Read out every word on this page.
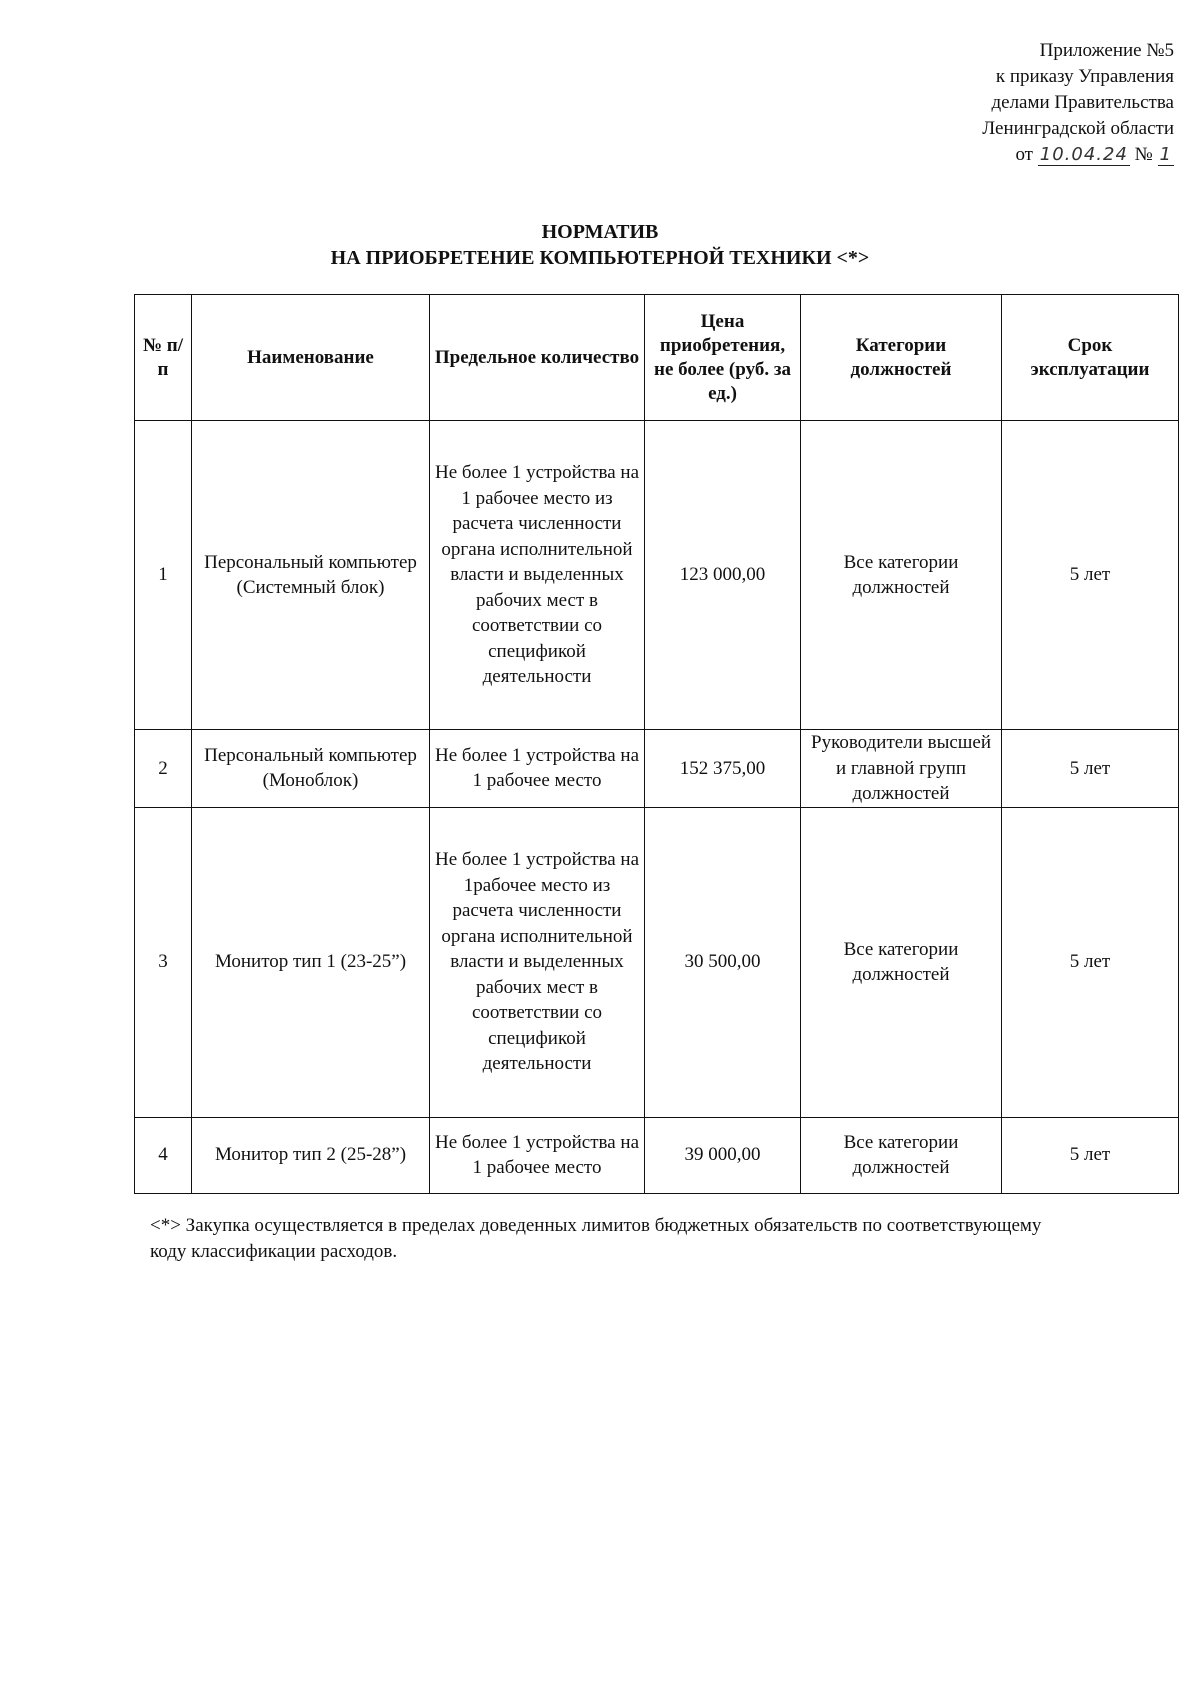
Приложение №5
к приказу Управления
делами Правительства
Ленинградской области
от 10.04.24 № 1
НОРМАТИВ
НА ПРИОБРЕТЕНИЕ КОМПЬЮТЕРНОЙ ТЕХНИКИ <*>
№ п/п	Наименование	Предельное количество	Цена приобретения, не более (руб. за ед.)	Категории должностей	Срок эксплуатации
1	Персональный компьютер (Системный блок)	Не более 1 устройства на 1 рабочее место из расчета численности органа исполнительной власти и выделенных рабочих мест в соответствии со спецификой деятельности	123 000,00	Все категории должностей	5 лет
2	Персональный компьютер (Моноблок)	Не более 1 устройства на 1 рабочее место	152 375,00	Руководители высшей и главной групп должностей	5 лет
3	Монитор тип 1 (23-25”)	Не более 1 устройства на 1рабочее место из расчета численности органа исполнительной власти и выделенных рабочих мест в соответствии со спецификой деятельности	30 500,00	Все категории должностей	5 лет
4	Монитор тип 2 (25-28”)	Не более 1 устройства на 1 рабочее место	39 000,00	Все категории должностей	5 лет
<*> Закупка осуществляется в пределах доведенных лимитов бюджетных обязательств по соответствующему коду классификации расходов.
